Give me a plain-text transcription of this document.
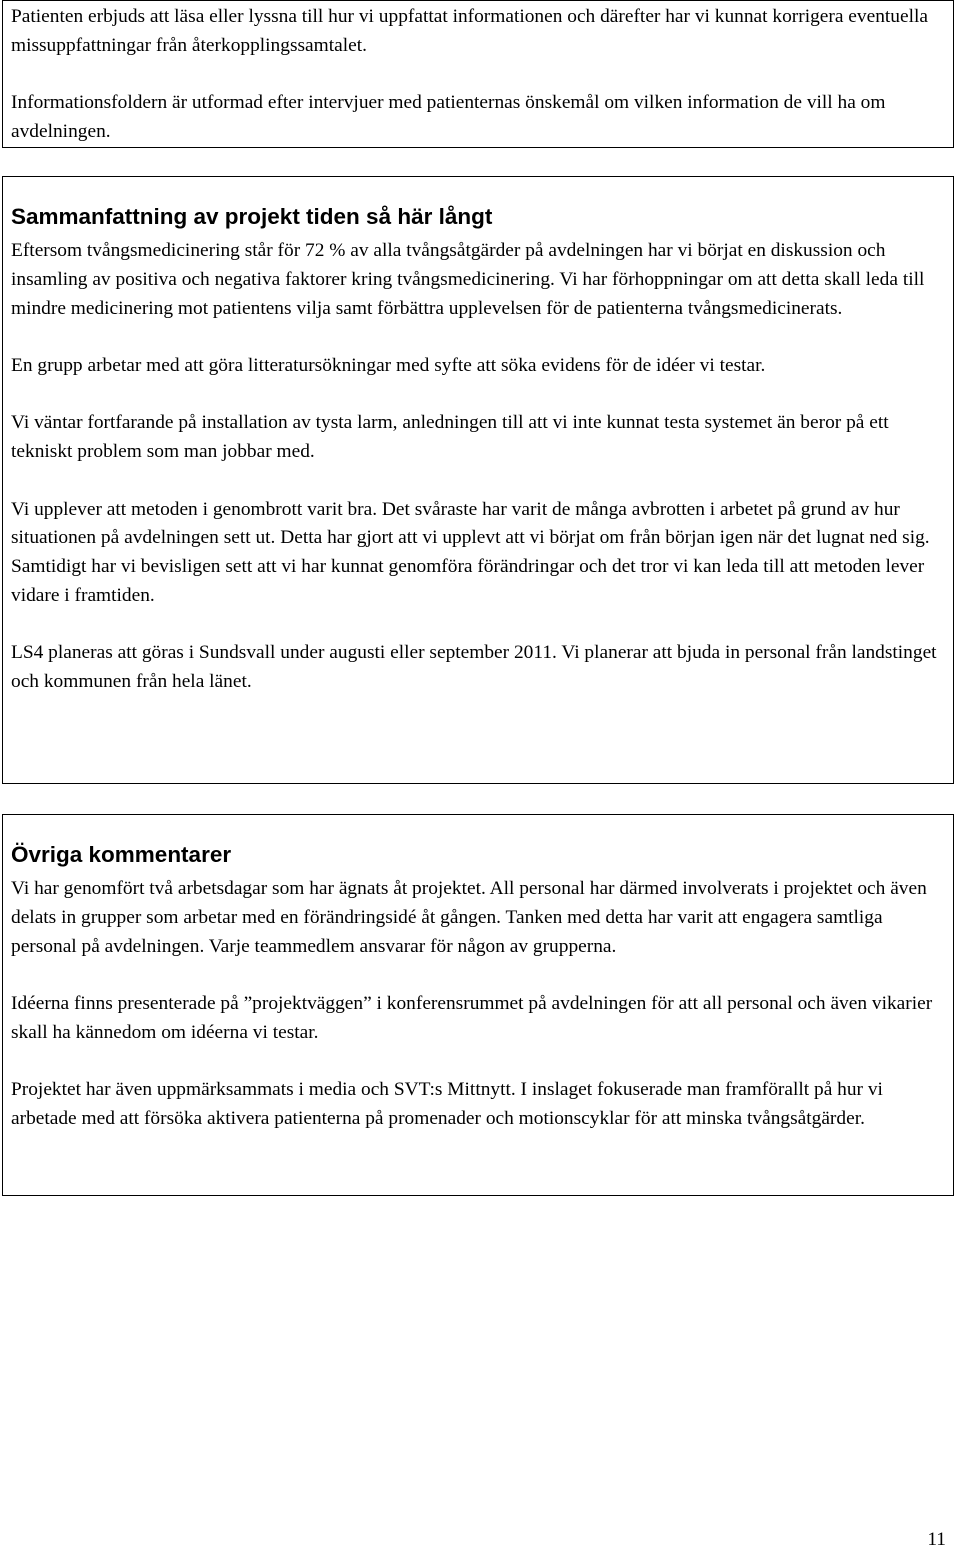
Patienten erbjuds att läsa eller lyssna till hur vi uppfattat informationen och därefter har vi kunnat korrigera eventuella missuppfattningar från återkopplingssamtalet.

Informationsfoldern är utformad efter intervjuer med patienternas önskemål om vilken information de vill ha om avdelningen.

Sammanfattning av projekt tiden så här långt

Eftersom tvångsmedicinering står för 72 % av alla tvångsåtgärder på avdelningen har vi börjat en diskussion och insamling av positiva och negativa faktorer kring tvångsmedicinering. Vi har förhoppningar om att detta skall leda till mindre medicinering mot patientens vilja samt förbättra upplevelsen för de patienterna tvångsmedicinerats.

En grupp arbetar med att göra litteratursökningar med syfte att söka evidens för de idéer vi testar.

Vi väntar fortfarande på installation av tysta larm, anledningen till att vi inte kunnat testa systemet än beror på ett tekniskt problem som man jobbar med.

Vi upplever att metoden i genombrott varit bra. Det svåraste har varit de många avbrotten i arbetet på grund av hur situationen på avdelningen sett ut. Detta har gjort att vi upplevt att vi börjat om från början igen när det lugnat ned sig. Samtidigt har vi bevisligen sett att vi har kunnat genomföra förändringar och det tror vi kan leda till att metoden lever vidare i framtiden.

LS4 planeras att göras i Sundsvall under augusti eller september 2011. Vi planerar att bjuda in personal från landstinget och kommunen från hela länet.

Övriga kommentarer

Vi har genomfört två arbetsdagar som har ägnats åt projektet. All personal har därmed involverats i projektet och även delats in grupper som arbetar med en förändringsidé åt gången. Tanken med detta har varit att engagera samtliga personal på avdelningen. Varje teammedlem ansvarar för någon av grupperna.

Idéerna finns presenterade på ”projektväggen” i konferensrummet på avdelningen för att all personal och även vikarier skall ha kännedom om idéerna vi testar.

Projektet har även uppmärksammats i media och SVT:s Mittnytt. I inslaget fokuserade man framförallt på hur vi arbetade med att försöka aktivera patienterna på promenader och motionscyklar för att minska tvångsåtgärder.

11
